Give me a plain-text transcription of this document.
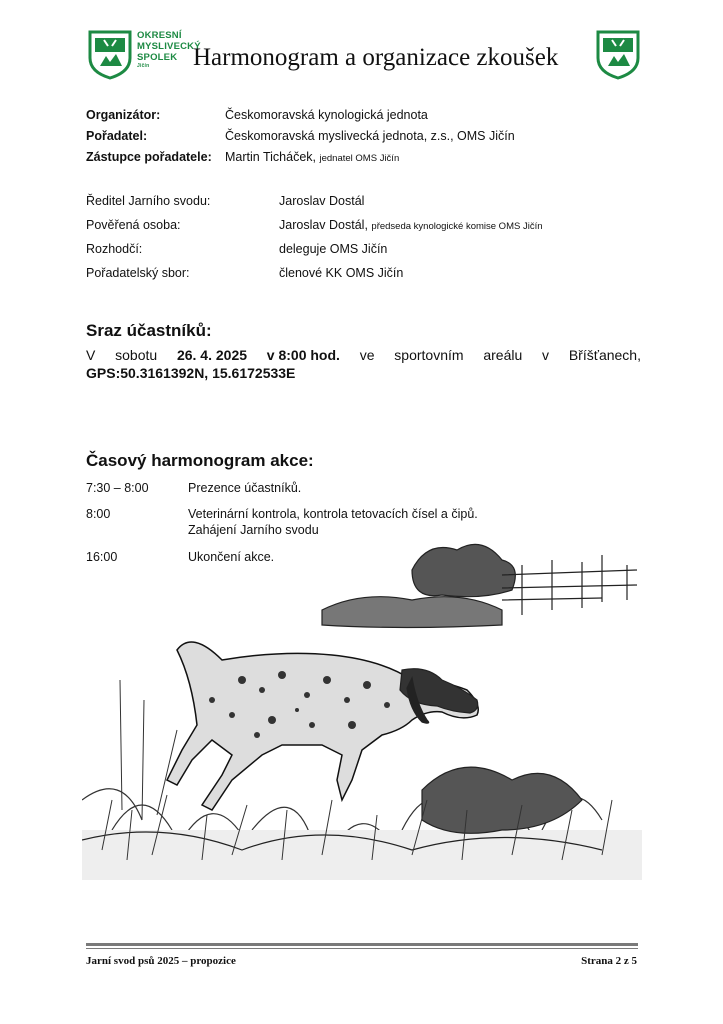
OKRESNÍ
MYSLIVECKÝ
SPOLEK
Jičín	Harmonogram a organizace zkoušek
Organizátor:	Českomoravská kynologická jednota
Pořadatel:	Českomoravská myslivecká jednota, z.s., OMS Jičín
Zástupce pořadatele: Martin Ticháček, jednatel OMS Jičín
Ředitel Jarního svodu:	Jaroslav Dostál
Pověřená osoba:	Jaroslav Dostál, předseda kynologické komise OMS Jičín
Rozhodčí:	deleguje OMS Jičín
Pořadatelský sbor:	členové KK OMS Jičín
Sraz účastníků:
V sobotu 26. 4. 2025 v 8:00 hod. ve sportovním areálu v Bříšťanech,
GPS:50.3161392N, 15.6172533E
Časový harmonogram akce:
7:30 – 8:00	Prezence účastníků.
8:00	Veterinární kontrola, kontrola tetovacích čísel a čipů.
Zahájení Jarního svodu
16:00	Ukončení akce.
Jarní svod psů 2025 – propozice	Strana 2 z 5
